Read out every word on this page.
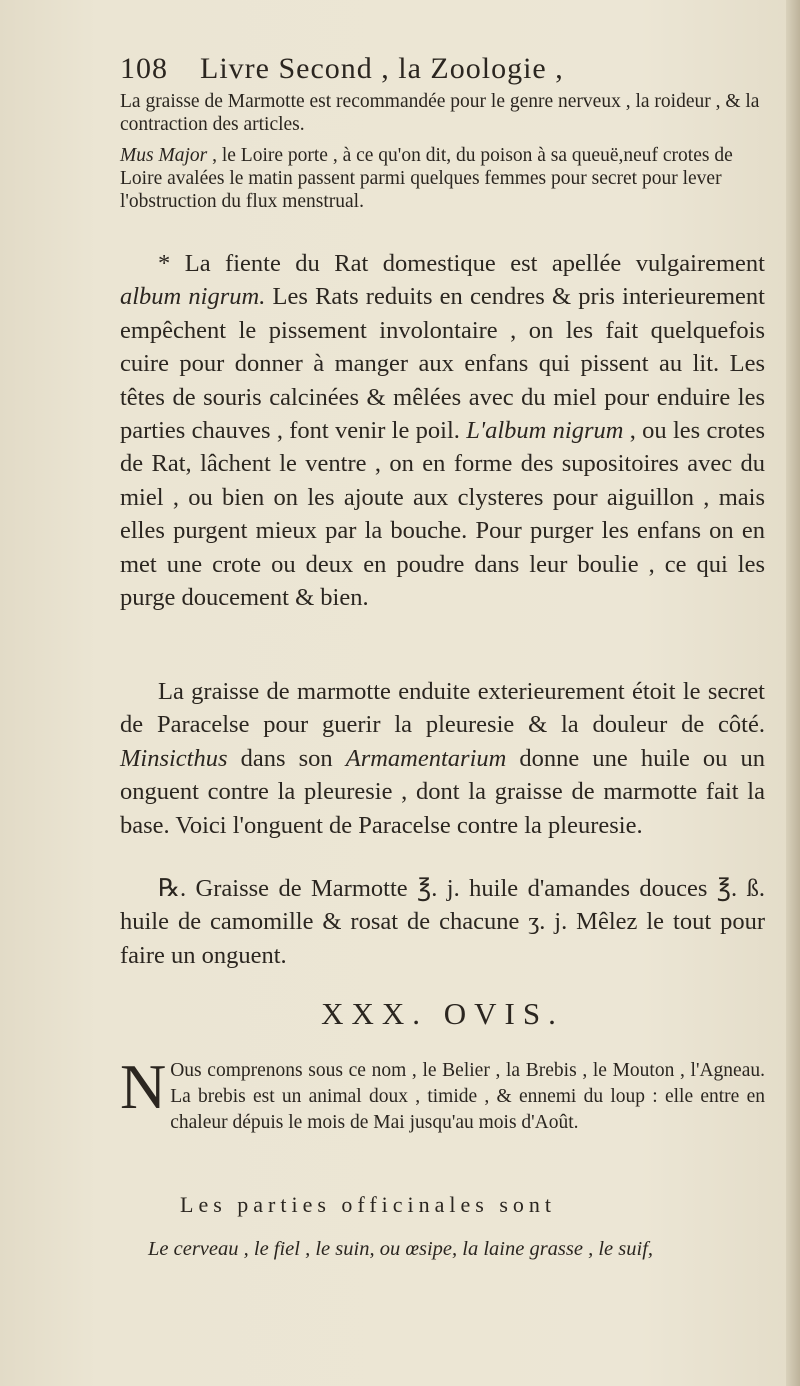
108 Livre Second , la Zoologie ,
La graisse de Marmotte est recommandée pour le genre nerveux , la roideur , & la contraction des articles.
Mus Major , le Loire porte , à ce qu'on dit, du poison à sa queuë,neuf crotes de Loire avalées le matin passent parmi quelques femmes pour secret pour lever l'obstruction du flux menstrual.
* La fiente du Rat domestique est apellée vulgairement album nigrum. Les Rats reduits en cendres & pris interieurement empêchent le pissement involontaire , on les fait quelquefois cuire pour donner à manger aux enfans qui pissent au lit. Les têtes de souris calcinées & mêlées avec du miel pour enduire les parties chauves , font venir le poil. L'album nigrum , ou les crotes de Rat, lâchent le ventre , on en forme des supositoires avec du miel , ou bien on les ajoute aux clysteres pour aiguillon , mais elles purgent mieux par la bouche. Pour purger les enfans on en met une crote ou deux en poudre dans leur boulie , ce qui les purge doucement & bien.
La graisse de marmotte enduite exterieurement étoit le secret de Paracelse pour guerir la pleuresie & la douleur de côté. Minsicthus dans son Armamentarium donne une huile ou un onguent contre la pleuresie , dont la graisse de marmotte fait la base. Voici l'onguent de Paracelse contre la pleuresie.
℞. Graisse de Marmotte ℥. j. huile d'amandes douces ℥. ß. huile de camomille & rosat de chacune ʒ. j. Mêlez le tout pour faire un onguent.
XXX. OVIS.
N Ous comprenons sous ce nom , le Belier , la Brebis , le Mouton , l'Agneau. La brebis est un animal doux , timide , & ennemi du loup : elle entre en chaleur dépuis le mois de Mai jusqu'au mois d'Août.
Les parties officinales sont
Le cerveau , le fiel , le suin, ou œsipe, la laine grasse , le suif,
